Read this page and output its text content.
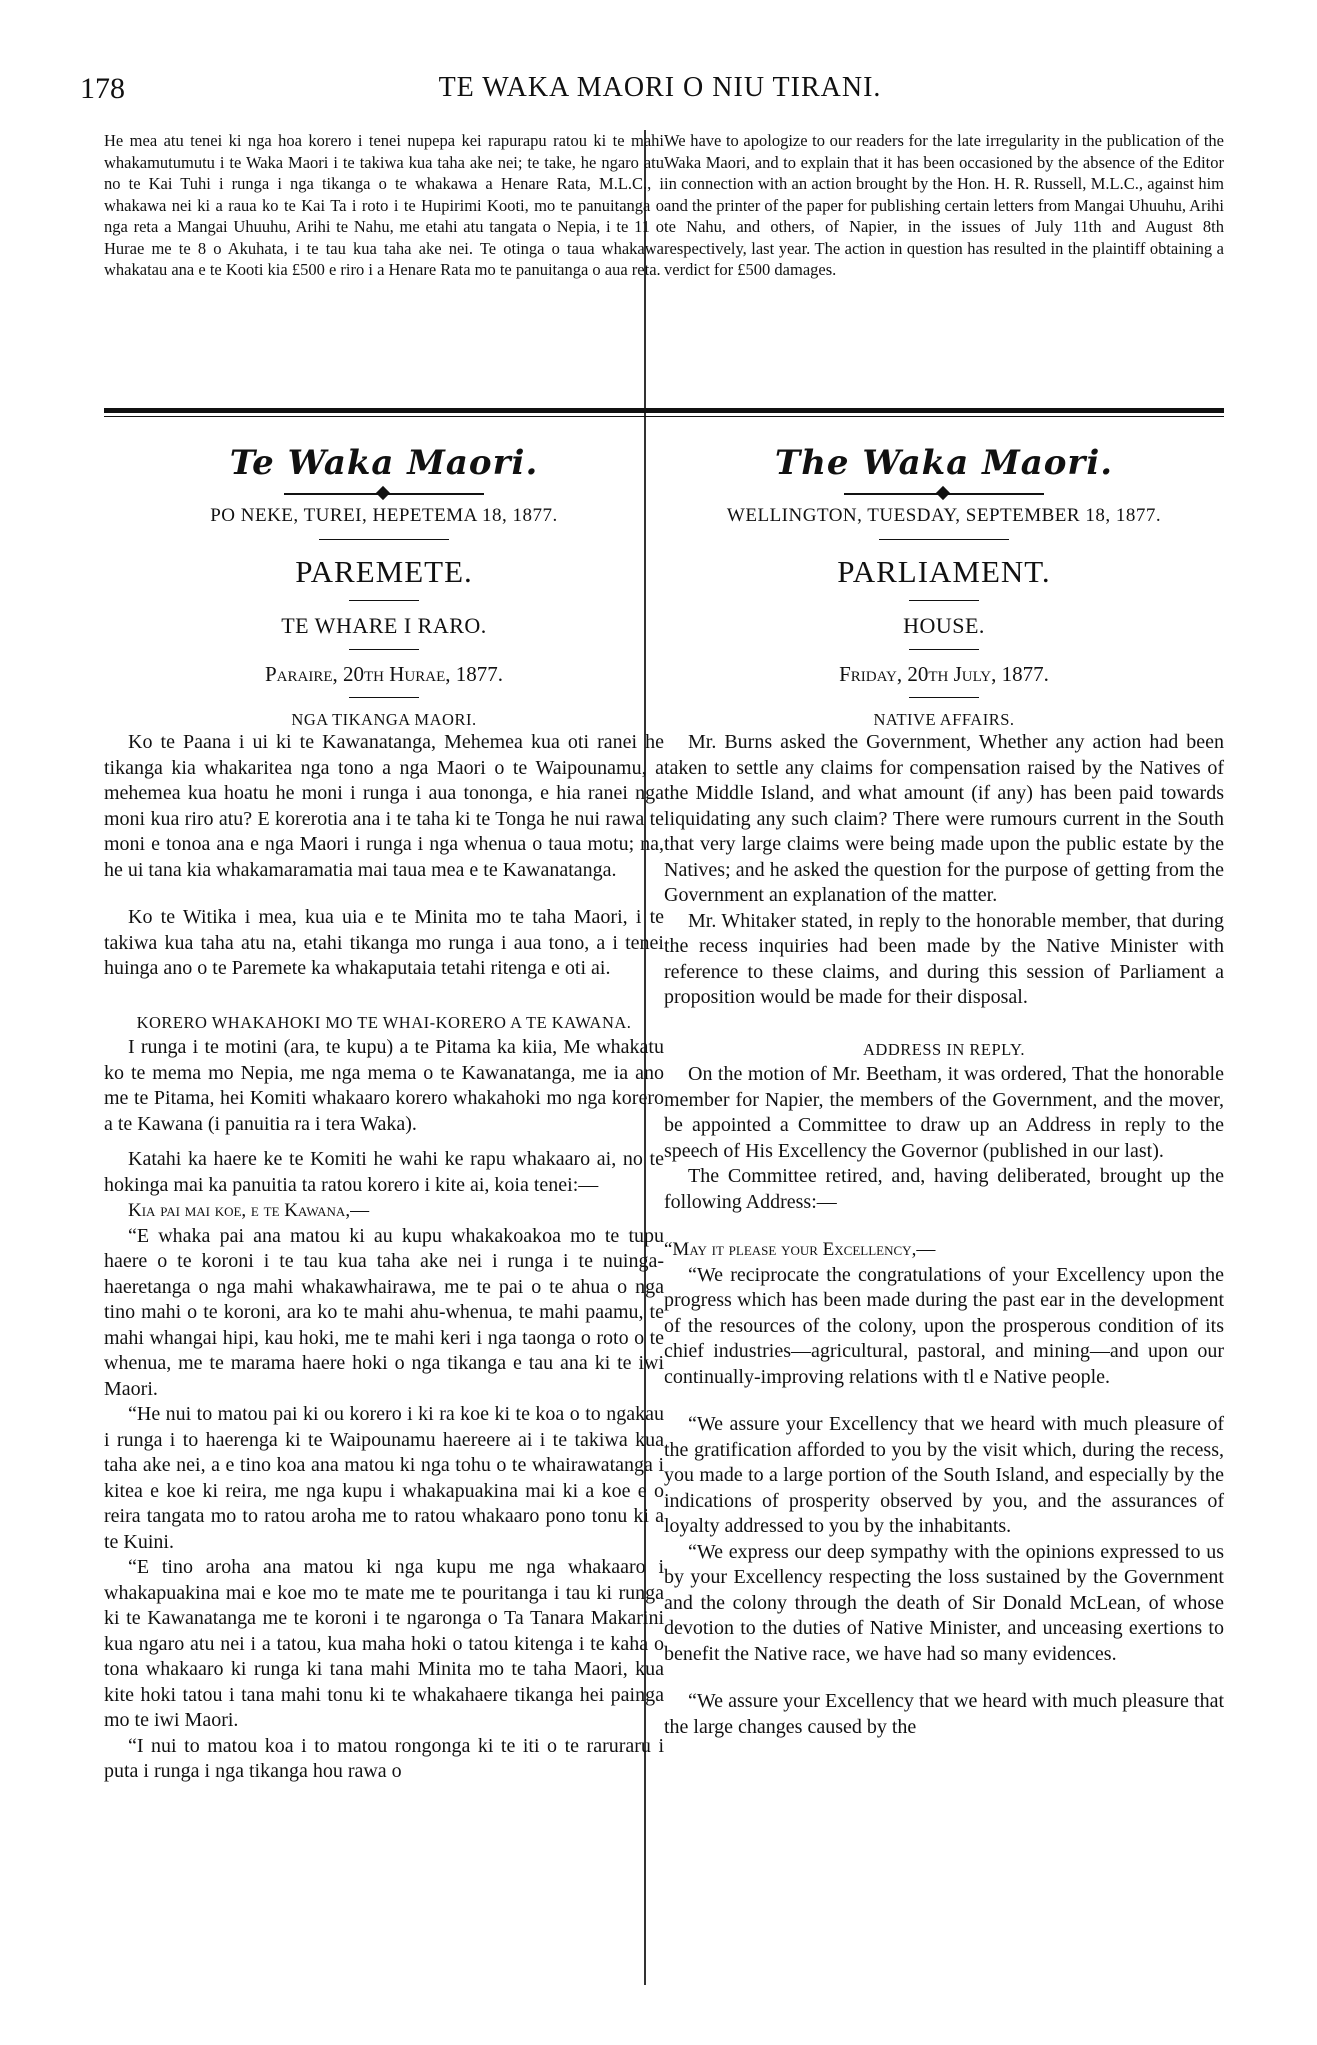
178	TE WAKA MAORI O NIU TIRANI.

He mea atu tenei ki nga hoa korero i tenei nupepa kei rapurapu ratou ki te mahi whakamutumutu i te Waka Maori i te takiwa kua taha ake nei; te take, he ngaro atu no te Kai Tuhi i runga i nga tikanga o te whakawa a Henare Rata, M.L.C., i whakawa nei ki a raua ko te Kai Ta i roto i te Hupirimi Kooti, mo te panuitanga o nga reta a Mangai Uhuuhu, Arihi te Nahu, me etahi atu tangata o Nepia, i te 11 o Hurae me te 8 o Akuhata, i te tau kua taha ake nei. Te otinga o taua whakawa whakatau ana e te Kooti kia £500 e riro i a Henare Rata mo te panuitanga o aua reta.

Te Waka Maori.
PO NEKE, TUREI, HEPETEMA 18, 1877.
PAREMETE.
TE WHARE I RARO.
Paraire, 20th Hurae, 1877.
NGA TIKANGA MAORI.

Ko te Paana i ui ki te Kawanatanga, Mehemea kua oti ranei he tikanga kia whakaritea nga tono a nga Maori o te Waipounamu, a mehemea kua hoatu he moni i runga i aua tononga, e hia ranei nga moni kua riro atu? E korerotia ana i te taha ki te Tonga he nui rawa te moni e tonoa ana e nga Maori i runga i nga whenua o taua motu; na, he ui tana kia whakamaramatia mai taua mea e te Kawanatanga.

Ko te Witika i mea, kua uia e te Minita mo te taha Maori, i te takiwa kua taha atu na, etahi tikanga mo runga i aua tono, a i tenei huinga ano o te Paremete ka whakaputaia tetahi ritenga e oti ai.

KORERO WHAKAHOKI MO TE WHAI-KORERO A TE KAWANA.

I runga i te motini (ara, te kupu) a te Pitama ka kiia, Me whakatu ko te mema mo Nepia, me nga mema o te Kawanatanga, me ia ano me te Pitama, hei Komiti whakaaro korero whakahoki mo nga korero a te Kawana (i panuitia ra i tera Waka).

Katahi ka haere ke te Komiti he wahi ke rapu whakaaro ai, no te hokinga mai ka panuitia ta ratou korero i kite ai, koia tenei:—

Kia pai mai koe, e te Kawana,—

“E whaka pai ana matou ki au kupu whakakoakoa mo te tupu haere o te koroni i te tau kua taha ake nei i runga i te nuinga-haeretanga o nga mahi whakawhairawa, me te pai o te ahua o nga tino mahi o te koroni, ara ko te mahi ahu-whenua, te mahi paamu, te mahi whangai hipi, kau hoki, me te mahi keri i nga taonga o roto o te whenua, me te marama haere hoki o nga tikanga e tau ana ki te iwi Maori.

“He nui to matou pai ki ou korero i ki ra koe ki te koa o to ngakau i runga i to haerenga ki te Waipounamu haereere ai i te takiwa kua taha ake nei, a e tino koa ana matou ki nga tohu o te whairawatanga i kitea e koe ki reira, me nga kupu i whakapuakina mai ki a koe e o reira tangata mo to ratou aroha me to ratou whakaaro pono tonu ki a te Kuini.

“E tino aroha ana matou ki nga kupu me nga whakaaro i whakapuakina mai e koe mo te mate me te pouritanga i tau ki runga ki te Kawanatanga me te koroni i te ngaronga o Ta Tanara Makarini kua ngaro atu nei i a tatou, kua maha hoki o tatou kitenga i te kaha o tona whakaaro ki runga ki tana mahi Minita mo te taha Maori, kua kite hoki tatou i tana mahi tonu ki te whakahaere tikanga hei painga mo te iwi Maori.

“I nui to matou koa i to matou rongonga ki te iti o te raruraru i puta i runga i nga tikanga hou rawa o

We have to apologize to our readers for the late irregularity in the publication of the Waka Maori, and to explain that it has been occasioned by the absence of the Editor in connection with an action brought by the Hon. H. R. Russell, M.L.C., against him and the printer of the paper for publishing certain letters from Mangai Uhuuhu, Arihi te Nahu, and others, of Napier, in the issues of July 11th and August 8th respectively, last year. The action in question has resulted in the plaintiff obtaining a verdict for £500 damages.

The Waka Maori.
WELLINGTON, TUESDAY, SEPTEMBER 18, 1877.
PARLIAMENT.
HOUSE.
Friday, 20th July, 1877.
NATIVE AFFAIRS.

Mr. Burns asked the Government, Whether any action had been taken to settle any claims for compensation raised by the Natives of the Middle Island, and what amount (if any) has been paid towards liquidating any such claim? There were rumours current in the South that very large claims were being made upon the public estate by the Natives; and he asked the question for the purpose of getting from the Government an explanation of the matter.

Mr. Whitaker stated, in reply to the honorable member, that during the recess inquiries had been made by the Native Minister with reference to these claims, and during this session of Parliament a proposition would be made for their disposal.

ADDRESS IN REPLY.

On the motion of Mr. Beetham, it was ordered, That the honorable member for Napier, the members of the Government, and the mover, be appointed a Committee to draw up an Address in reply to the speech of His Excellency the Governor (published in our last).

The Committee retired, and, having deliberated, brought up the following Address:—

“May it please your Excellency,—

“We reciprocate the congratulations of your Excellency upon the progress which has been made during the past ear in the development of the resources of the colony, upon the prosperous condition of its chief industries—agricultural, pastoral, and mining—and upon our continually-improving relations with tl e Native people.

“We assure your Excellency that we heard with much pleasure of the gratification afforded to you by the visit which, during the recess, you made to a large portion of the South Island, and especially by the indications of prosperity observed by you, and the assurances of loyalty addressed to you by the inhabitants.

“We express our deep sympathy with the opinions expressed to us by your Excellency respecting the loss sustained by the Government and the colony through the death of Sir Donald McLean, of whose devotion to the duties of Native Minister, and unceasing exertions to benefit the Native race, we have had so many evidences.

“We assure your Excellency that we heard with much pleasure that the large changes caused by the
